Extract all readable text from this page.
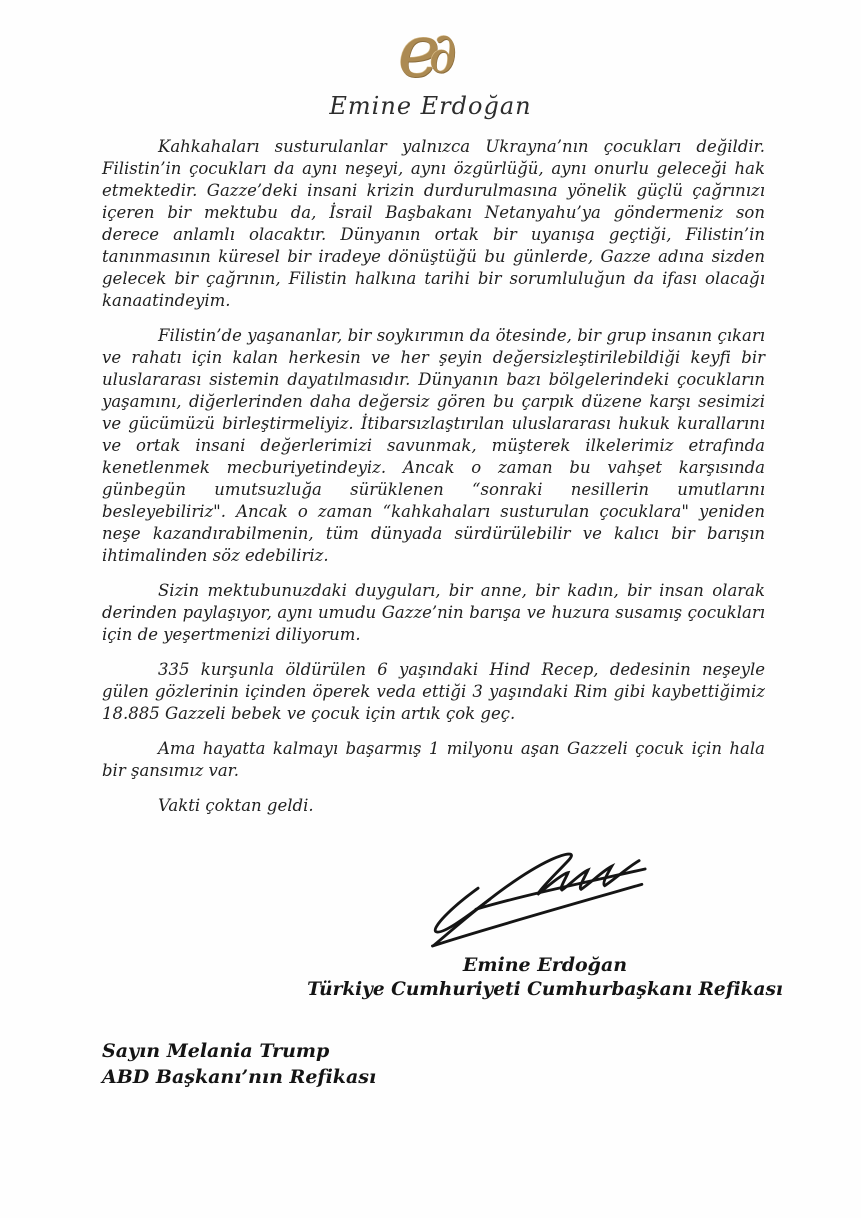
e∂
Emine Erdoğan

Kahkahaları susturulanlar yalnızca Ukrayna’nın çocukları değildir. Filistin’in çocukları da aynı neşeyi, aynı özgürlüğü, aynı onurlu geleceği hak etmektedir. Gazze’deki insani krizin durdurulmasına yönelik güçlü çağrınızı içeren bir mektubu da, İsrail Başbakanı Netanyahu’ya göndermeniz son derece anlamlı olacaktır. Dünyanın ortak bir uyanışa geçtiği, Filistin’in tanınmasının küresel bir iradeye dönüştüğü bu günlerde, Gazze adına sizden gelecek bir çağrının, Filistin halkına tarihi bir sorumluluğun da ifası olacağı kanaatindeyim.

Filistin’de yaşananlar, bir soykırımın da ötesinde, bir grup insanın çıkarı ve rahatı için kalan herkesin ve her şeyin değersizleştirilebildiği keyfi bir uluslararası sistemin dayatılmasıdır. Dünyanın bazı bölgelerindeki çocukların yaşamını, diğerlerinden daha değersiz gören bu çarpık düzene karşı sesimizi ve gücümüzü birleştirmeliyiz. İtibarsızlaştırılan uluslararası hukuk kurallarını ve ortak insani değerlerimizi savunmak, müşterek ilkelerimiz etrafında kenetlenmek mecburiyetindeyiz. Ancak o zaman bu vahşet karşısında günbegün umutsuzluğa sürüklenen “sonraki nesillerin umutlarını besleyebiliriz". Ancak o zaman “kahkahaları susturulan çocuklara" yeniden neşe kazandırabilmenin, tüm dünyada sürdürülebilir ve kalıcı bir barışın ihtimalinden söz edebiliriz.

Sizin mektubunuzdaki duyguları, bir anne, bir kadın, bir insan olarak derinden paylaşıyor, aynı umudu Gazze’nin barışa ve huzura susamış çocukları için de yeşertmenizi diliyorum.

335 kurşunla öldürülen 6 yaşındaki Hind Recep, dedesinin neşeyle gülen gözlerinin içinden öperek veda ettiği 3 yaşındaki Rim gibi kaybettiğimiz 18.885 Gazzeli bebek ve çocuk için artık çok geç.

Ama hayatta kalmayı başarmış 1 milyonu aşan Gazzeli çocuk için hala bir şansımız var.

Vakti çoktan geldi.

Emine Erdoğan
Türkiye Cumhuriyeti Cumhurbaşkanı Refikası
Sayın Melania Trump
ABD Başkanı’nın Refikası
